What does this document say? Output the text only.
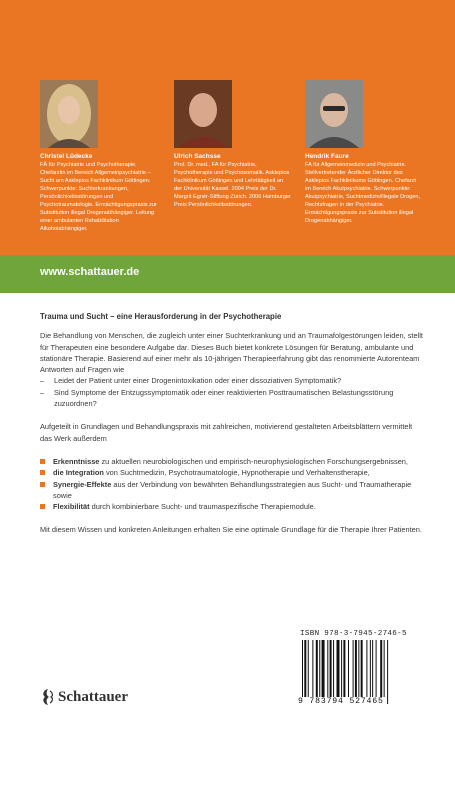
Christel Lüdecke
FÄ für Psychiatrie und Psychotherapie. Chefärztin im Bereich Allgemeinpsychiatrie – Sucht am Asklepios Fachklinikum Göttingen. Schwerpunkte: Suchterkrankungen, Persönlichkeitsstörungen und Psychotraumatologie. Ermächtigungspraxis zur Substitution illegal Drogenabhängiger. Leitung einer ambulanten Rehabilitation Alkoholabhängiger.
Ulrich Sachsse
Prof. Dr. med., FA für Psychiatrie, Psychotherapie und Psychosomatik. Asklepios Fachklinikum Göttingen und Lehrtätigkeit an der Universität Kassel. 2004 Preis der Dr. Margrit Egnér-Stiftung Zürich. 2006 Hamburger Preis Persönlichkeitsstörungen.
Hendrik Faure
FA für Allgemeinmedizin und Psychiatrie. Stellvertretender Ärztlicher Direktor des Asklepios Fachklinikums Göttingen. Chefarzt im Bereich Akutpsychiatrie. Schwerpunkte: Akutpsychiatrie, Suchtmedizin/illegale Drogen, Rechtsfragen in der Psychiatrie. Ermächtigungspraxis zur Substitution illegal Drogenabhängiger.
www.schattauer.de
Trauma und Sucht – eine Herausforderung in der Psychotherapie

Die Behandlung von Menschen, die zugleich unter einer Suchterkrankung und an Traumafolgestörungen leiden, stellt für Therapeuten eine besondere Aufgabe dar. Dieses Buch bietet konkrete Lösungen für Beratung, ambulante und stationäre Therapie. Basierend auf einer mehr als 10-jährigen Therapieerfahrung gibt das renommierte Autorenteam Antworten auf Fragen wie

– Leidet der Patient unter einer Drogenintoxikation oder einer dissoziativen Symptomatik?
– Sind Symptome der Entzugssymptomatik oder einer reaktivierten Posttraumatischen Belastungsstörung zuzuordnen?

Aufgeteilt in Grundlagen und Behandlungspraxis mit zahlreichen, motivierend gestalteten Arbeitsblättern vermittelt das Werk außerdem

Erkenntnisse zu aktuellen neurobiologischen und empirisch-neurophysiologischen Forschungsergebnissen,
die Integration von Suchtmedizin, Psychotraumatologie, Hypnotherapie und Verhaltenstherapie,
Synergie-Effekte aus der Verbindung von bewährten Behandlungsstrategien aus Sucht- und Traumatherapie sowie
Flexibilität durch kombinierbare Sucht- und traumaspezifische Therapiemodule.

Mit diesem Wissen und konkreten Anleitungen erhalten Sie eine optimale Grundlage für die Therapie Ihrer Patienten.

ISBN 978-3-7945-2746-5
9 783794 527465
Schattauer
